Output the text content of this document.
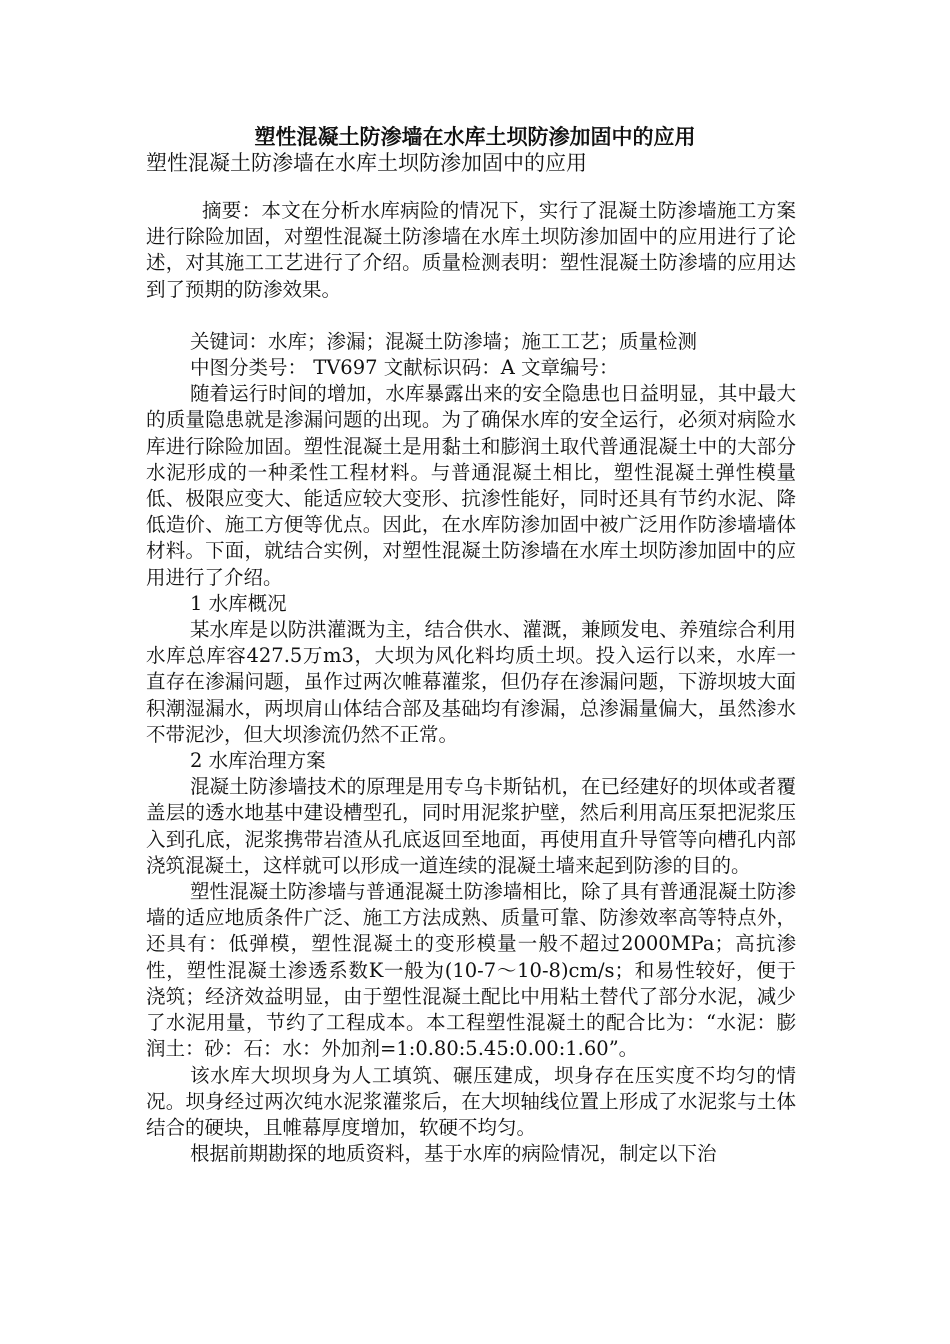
塑性混凝土防渗墙在水库土坝防渗加固中的应用
塑性混凝土防渗墙在水库土坝防渗加固中的应用

摘要：本文在分析水库病险的情况下，实行了混凝土防渗墙施工方案进行除险加固，对塑性混凝土防渗墙在水库土坝防渗加固中的应用进行了论述，对其施工工艺进行了介绍。质量检测表明：塑性混凝土防渗墙的应用达到了预期的防渗效果。

关键词：水库；渗漏；混凝土防渗墙；施工工艺；质量检测

中图分类号： TV697 文献标识码：A 文章编号：

随着运行时间的增加，水库暴露出来的安全隐患也日益明显，其中最大的质量隐患就是渗漏问题的出现。为了确保水库的安全运行，必须对病险水库进行除险加固。塑性混凝土是用黏土和膨润土取代普通混凝土中的大部分水泥形成的一种柔性工程材料。与普通混凝土相比，塑性混凝土弹性模量低、极限应变大、能适应较大变形、抗渗性能好，同时还具有节约水泥、降低造价、施工方便等优点。因此，在水库防渗加固中被广泛用作防渗墙墙体材料。下面，就结合实例，对塑性混凝土防渗墙在水库土坝防渗加固中的应用进行了介绍。

1 水库概况

某水库是以防洪灌溉为主，结合供水、灌溉，兼顾发电、养殖综合利用水库总库容427.5万m3，大坝为风化料均质土坝。投入运行以来，水库一直存在渗漏问题，虽作过两次帷幕灌浆，但仍存在渗漏问题，下游坝坡大面积潮湿漏水，两坝肩山体结合部及基础均有渗漏，总渗漏量偏大，虽然渗水不带泥沙，但大坝渗流仍然不正常。

2 水库治理方案

混凝土防渗墙技术的原理是用专乌卡斯钻机，在已经建好的坝体或者覆盖层的透水地基中建设槽型孔，同时用泥浆护壁，然后利用高压泵把泥浆压入到孔底，泥浆携带岩渣从孔底返回至地面，再使用直升导管等向槽孔内部浇筑混凝土，这样就可以形成一道连续的混凝土墙来起到防渗的目的。

塑性混凝土防渗墙与普通混凝土防渗墙相比，除了具有普通混凝土防渗墙的适应地质条件广泛、施工方法成熟、质量可靠、防渗效率高等特点外，还具有：低弹模，塑性混凝土的变形模量一般不超过2000MPa；高抗渗性，塑性混凝土渗透系数K一般为(10-7～10-8)cm/s；和易性较好，便于浇筑；经济效益明显，由于塑性混凝土配比中用粘土替代了部分水泥，减少了水泥用量，节约了工程成本。本工程塑性混凝土的配合比为：“水泥：膨润土：砂：石：水：外加剂=1:0.80:5.45:0.00:1.60”。

该水库大坝坝身为人工填筑、碾压建成，坝身存在压实度不均匀的情况。坝身经过两次纯水泥浆灌浆后，在大坝轴线位置上形成了水泥浆与土体结合的硬块，且帷幕厚度增加，软硬不均匀。

根据前期勘探的地质资料，基于水库的病险情况，制定以下治
